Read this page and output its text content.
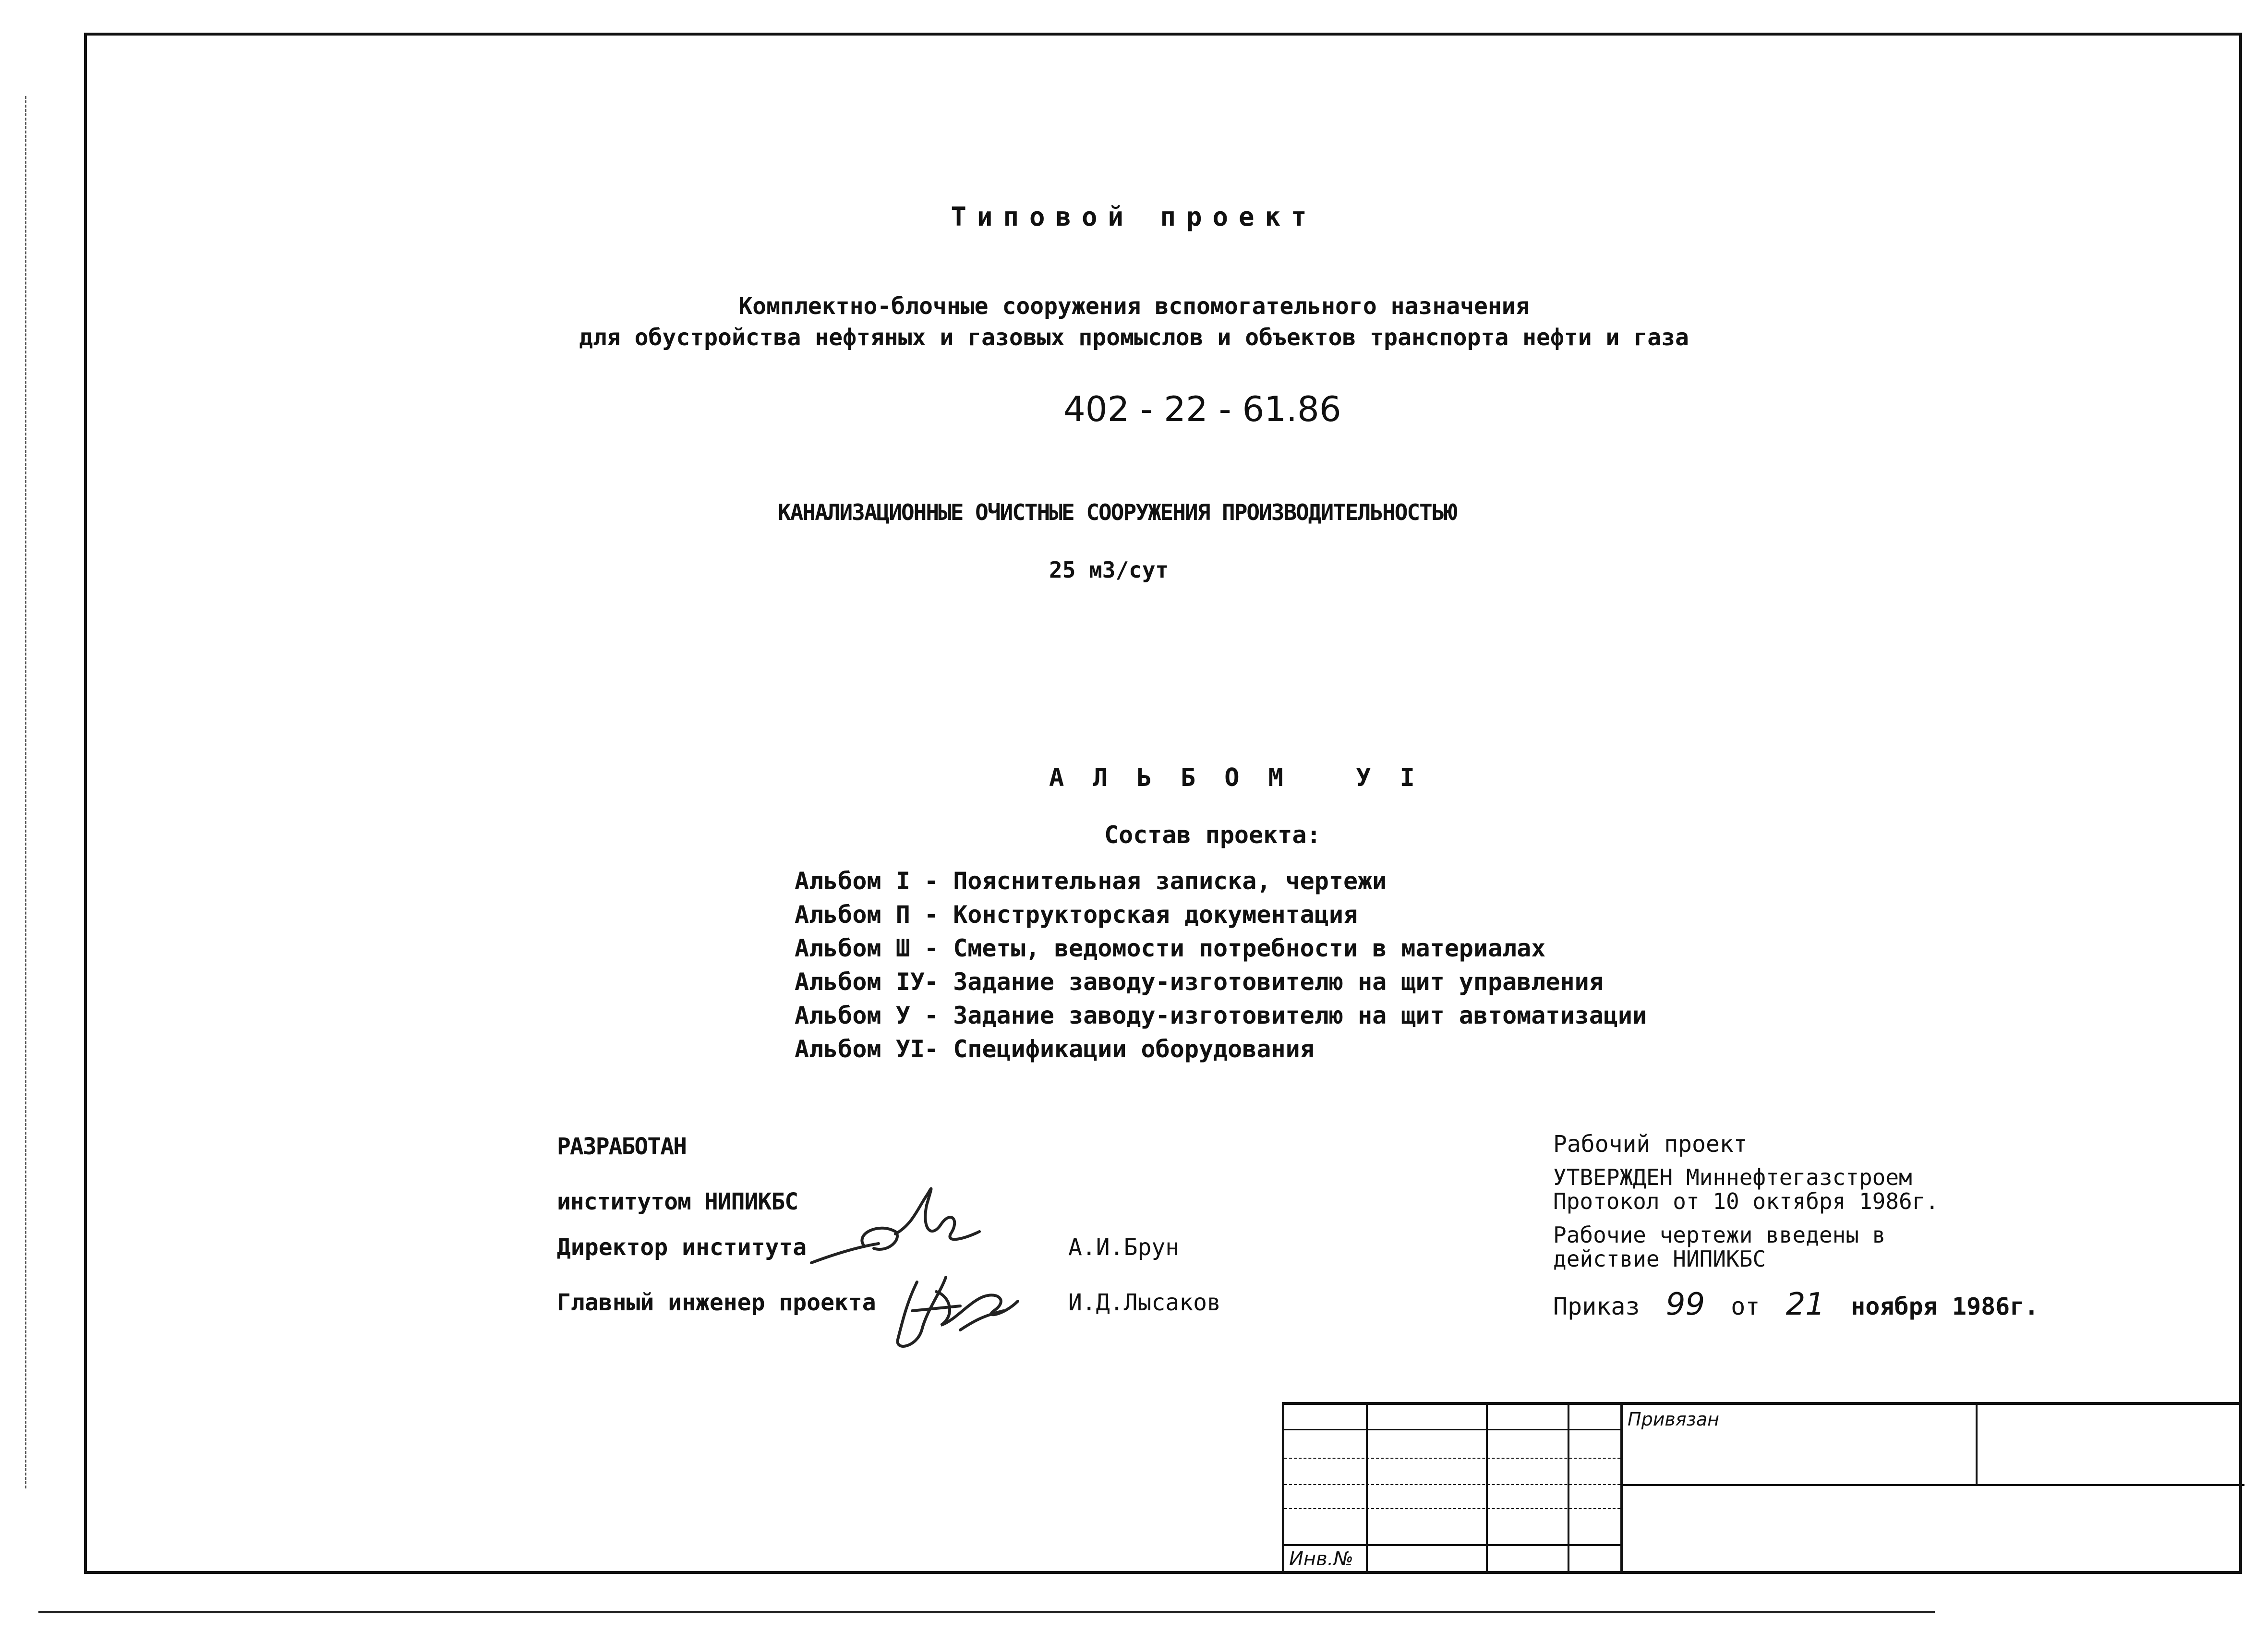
Типовой проект
Комплектно-блочные сооружения вспомогательного назначения
для обустройства нефтяных и газовых промыслов и объектов транспорта нефти и газа
402 - 22 - 61.86
КАНАЛИЗАЦИОННЫЕ ОЧИСТНЫЕ СООРУЖЕНИЯ ПРОИЗВОДИТЕЛЬНОСТЬЮ
25 м3/сут
АЛЬБОМ УI
Состав проекта:
Альбом I - Пояснительная записка, чертежи
Альбом П - Конструкторская документация
Альбом Ш - Сметы, ведомости потребности в материалах
Альбом IУ - Задание заводу-изготовителю на щит управления
Альбом У - Задание заводу-изготовителю на щит автоматизации
Альбом УI - Спецификации оборудования
РАЗРАБОТАН
институтом НИПИКБС
Директор института	А.И.Брун
Главный инженер проекта	И.Д.Лысаков
Рабочий проект
УТВЕРЖДЕН Миннефтегазстроем
Протокол от 10 октября 1986г.
Рабочие чертежи введены в
действие НИПИКБС
Приказ 99 от 21 ноября 1986г.
Привязан
Инв.№
